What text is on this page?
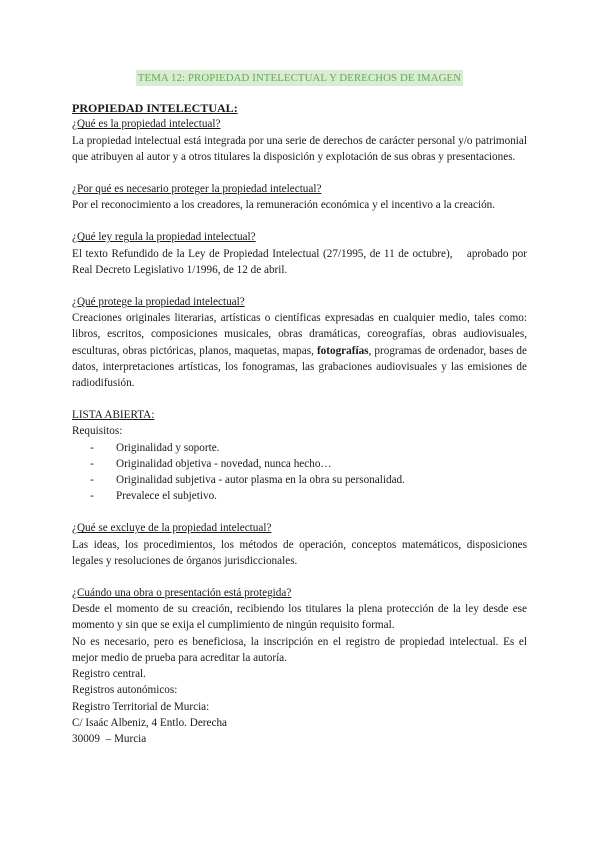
TEMA 12: PROPIEDAD INTELECTUAL Y DERECHOS DE IMAGEN
PROPIEDAD INTELECTUAL:
¿Qué es la propiedad intelectual?

La propiedad intelectual está integrada por una serie de derechos de carácter personal y/o patrimonial que atribuyen al autor y a otros titulares la disposición y explotación de sus obras y presentaciones.

¿Por qué es necesario proteger la propiedad intelectual?

Por el reconocimiento a los creadores, la remuneración económica y el incentivo a la creación.

¿Qué ley regula la propiedad intelectual?

El texto Refundido de la Ley de Propiedad Intelectual (27/1995, de 11 de octubre),    aprobado por Real Decreto Legislativo 1/1996, de 12 de abril.

¿Qué protege la propiedad intelectual?

Creaciones originales literarias, artísticas o científicas expresadas en cualquier medio, tales como: libros, escritos, composiciones musicales, obras dramáticas, coreografías, obras audiovisuales, esculturas, obras pictóricas, planos, maquetas, mapas, fotografías, programas de ordenador, bases de datos, interpretaciones artísticas, los fonogramas, las grabaciones audiovisuales y las emisiones de radiodifusión.

LISTA ABIERTA:
Requisitos:
- Originalidad y soporte.
- Originalidad objetiva - novedad, nunca hecho…
- Originalidad subjetiva - autor plasma en la obra su personalidad.
- Prevalece el subjetivo.
¿Qué se excluye de la propiedad intelectual?

Las ideas, los procedimientos, los métodos de operación, conceptos matemáticos, disposiciones legales y resoluciones de órganos jurisdiccionales.

¿Cuándo una obra o presentación está protegida?

Desde el momento de su creación, recibiendo los titulares la plena protección de la ley desde ese momento y sin que se exija el cumplimiento de ningún requisito formal.

No es necesario, pero es beneficiosa, la inscripción en el registro de propiedad intelectual. Es el mejor medio de prueba para acreditar la autoría.

Registro central.
Registros autonómicos:
Registro Territorial de Murcia:
C/ Isaác Albeniz, 4 Entlo. Derecha
30009  – Murcia
